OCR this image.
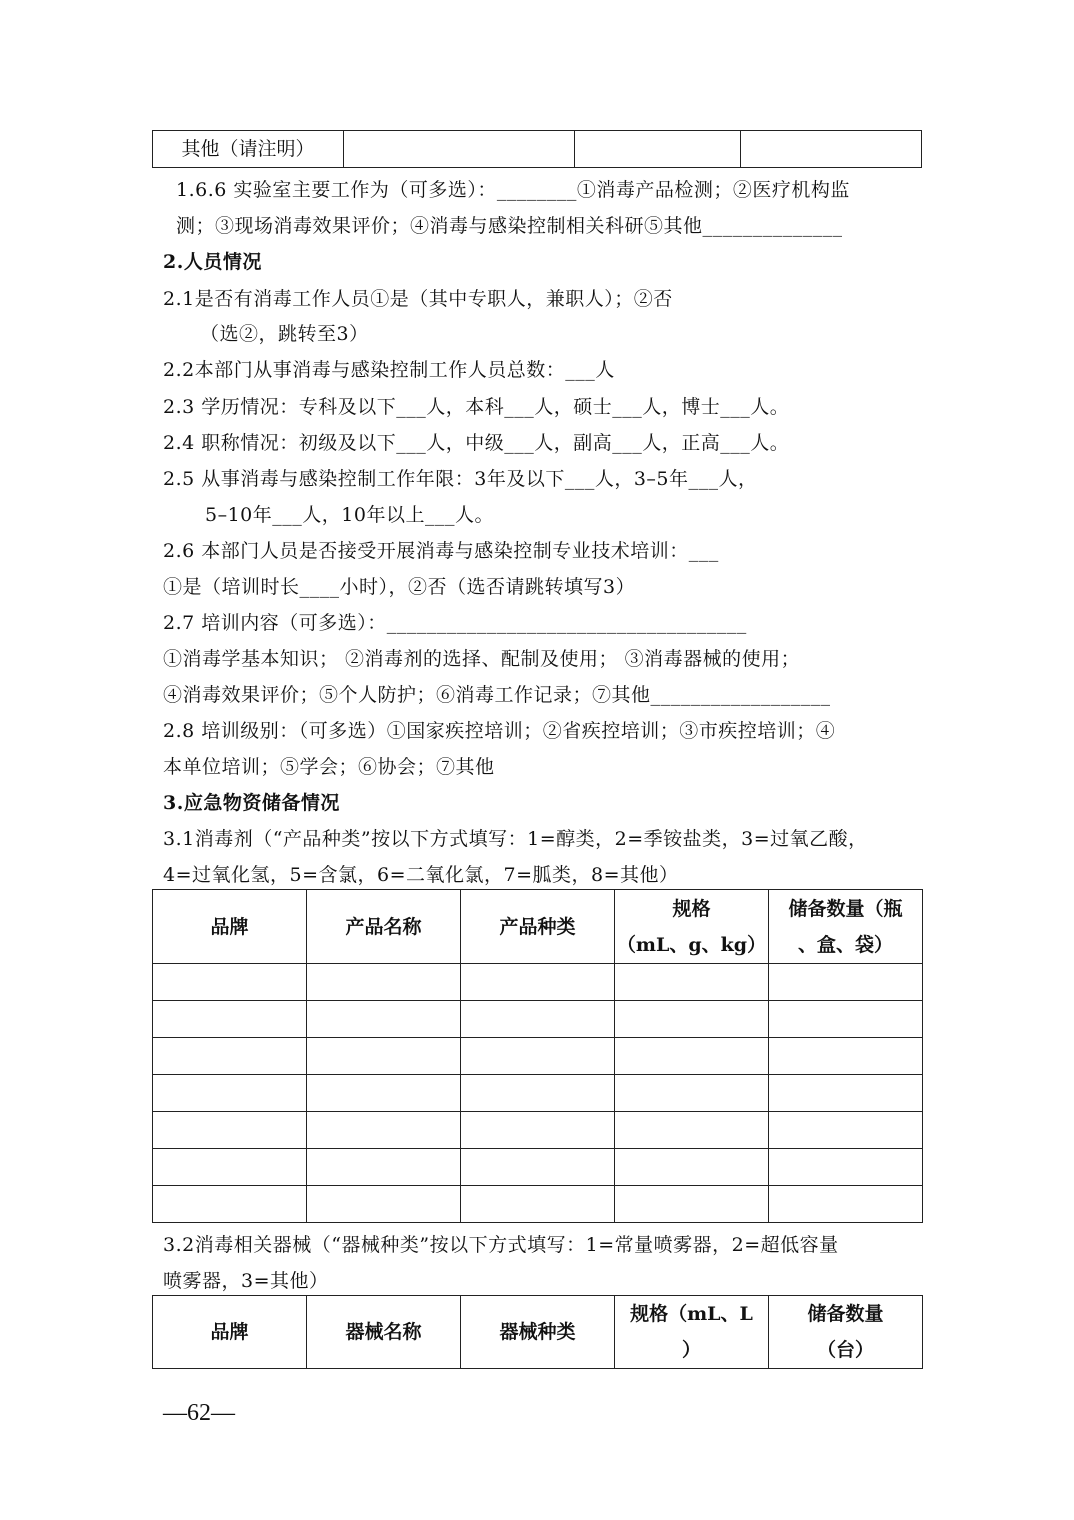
其他（请注明）			
1.6.6 实验室主要工作为（可多选）：________①消毒产品检测；②医疗机构监
测；③现场消毒效果评价；④消毒与感染控制相关科研⑤其他______________
2.人员情况
2.1是否有消毒工作人员①是（其中专职人，兼职人）；②否
（选②，跳转至3）
2.2本部门从事消毒与感染控制工作人员总数：___人
2.3 学历情况：专科及以下___人，本科___人，硕士___人，博士___人。
2.4 职称情况：初级及以下___人，中级___人，副高___人，正高___人。
2.5 从事消毒与感染控制工作年限：3年及以下___人，3–5年___人，
5–10年___人，10年以上___人。
2.6 本部门人员是否接受开展消毒与感染控制专业技术培训：___
①是（培训时长____小时），②否（选否请跳转填写3）
2.7 培训内容（可多选）：____________________________________
①消毒学基本知识； ②消毒剂的选择、配制及使用； ③消毒器械的使用；
④消毒效果评价；⑤个人防护；⑥消毒工作记录；⑦其他__________________
2.8 培训级别：（可多选）①国家疾控培训；②省疾控培训；③市疾控培训；④
本单位培训；⑤学会；⑥协会；⑦其他
3.应急物资储备情况
3.1消毒剂（“产品种类”按以下方式填写：1=醇类，2=季铵盐类，3=过氧乙酸，
4=过氧化氢，5=含氯，6=二氧化氯，7=胍类，8=其他）
品牌	产品名称	产品种类	规格
（mL、g、kg）	储备数量（瓶
、盒、袋）

3.2消毒相关器械（“器械种类”按以下方式填写：1=常量喷雾器，2=超低容量
喷雾器，3=其他）
品牌	器械名称	器械种类	规格（mL、L
）	储备数量
（台）
—62—
